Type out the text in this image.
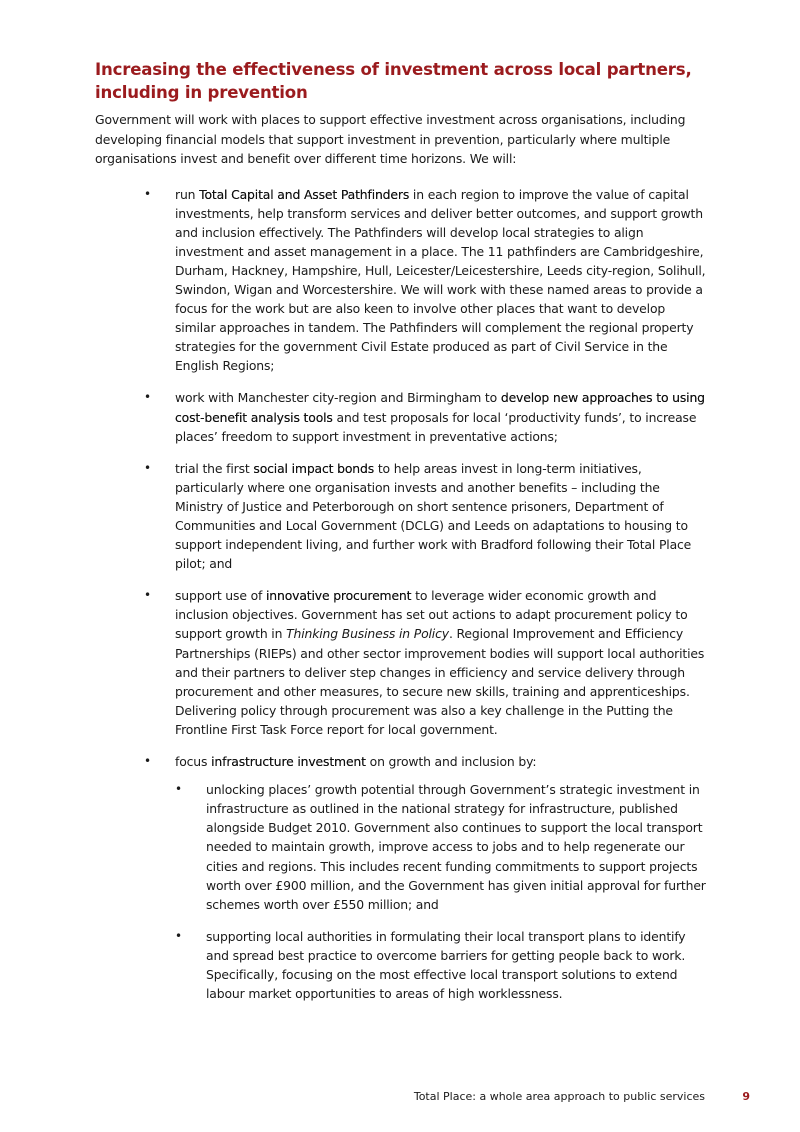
Increasing the effectiveness of investment across local partners, including in prevention

Government will work with places to support effective investment across organisations, including developing financial models that support investment in prevention, particularly where multiple organisations invest and benefit over different time horizons. We will:

• run Total Capital and Asset Pathfinders in each region to improve the value of capital investments, help transform services and deliver better outcomes, and support growth and inclusion effectively. The Pathfinders will develop local strategies to align investment and asset management in a place. The 11 pathfinders are Cambridgeshire, Durham, Hackney, Hampshire, Hull, Leicester/Leicestershire, Leeds city-region, Solihull, Swindon, Wigan and Worcestershire. We will work with these named areas to provide a focus for the work but are also keen to involve other places that want to develop similar approaches in tandem. The Pathfinders will complement the regional property strategies for the government Civil Estate produced as part of Civil Service in the English Regions;
• work with Manchester city-region and Birmingham to develop new approaches to using cost-benefit analysis tools and test proposals for local ‘productivity funds’, to increase places’ freedom to support investment in preventative actions;
• trial the first social impact bonds to help areas invest in long-term initiatives, particularly where one organisation invests and another benefits – including the Ministry of Justice and Peterborough on short sentence prisoners, Department of Communities and Local Government (DCLG) and Leeds on adaptations to housing to support independent living, and further work with Bradford following their Total Place pilot; and
• support use of innovative procurement to leverage wider economic growth and inclusion objectives. Government has set out actions to adapt procurement policy to support growth in Thinking Business in Policy. Regional Improvement and Efficiency Partnerships (RIEPs) and other sector improvement bodies will support local authorities and their partners to deliver step changes in efficiency and service delivery through procurement and other measures, to secure new skills, training and apprenticeships. Delivering policy through procurement was also a key challenge in the Putting the Frontline First Task Force report for local government.
• focus infrastructure investment on growth and inclusion by:
• unlocking places’ growth potential through Government’s strategic investment in infrastructure as outlined in the national strategy for infrastructure, published alongside Budget 2010. Government also continues to support the local transport needed to maintain growth, improve access to jobs and to help regenerate our cities and regions. This includes recent funding commitments to support projects worth over £900 million, and the Government has given initial approval for further schemes worth over £550 million; and
• supporting local authorities in formulating their local transport plans to identify and spread best practice to overcome barriers for getting people back to work. Specifically, focusing on the most effective local transport solutions to extend labour market opportunities to areas of high worklessness.
Total Place: a whole area approach to public services	9
